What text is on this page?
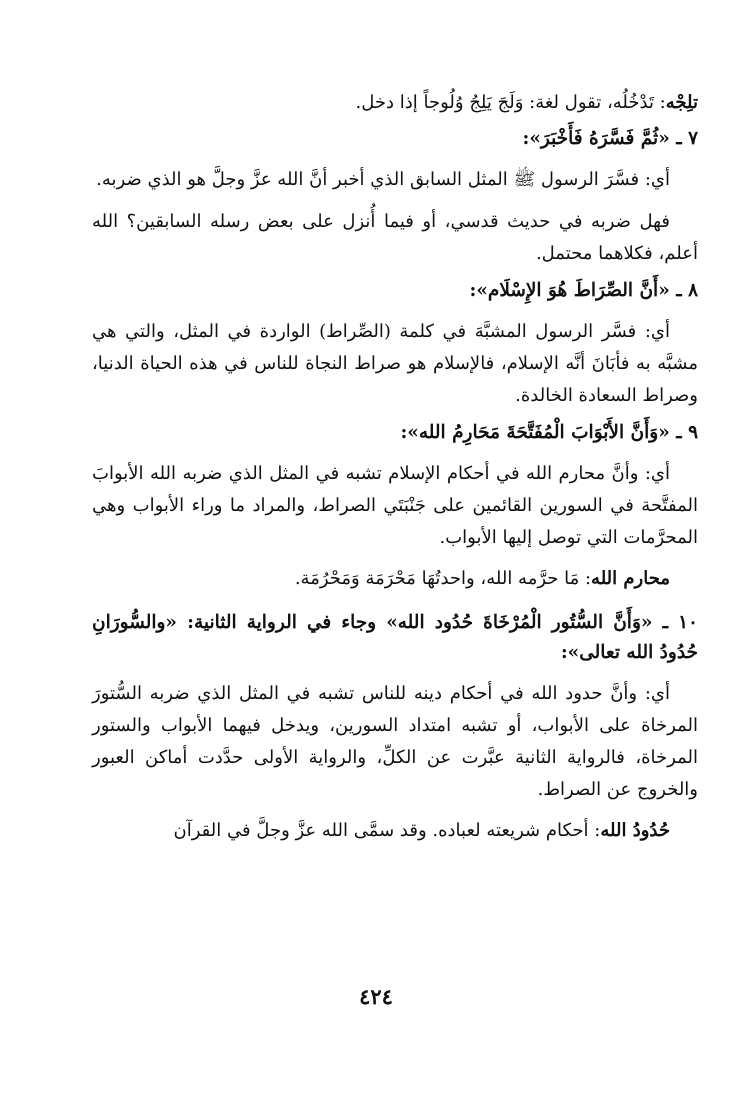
تلِجْه: تَدْخُلُه، تقول لغة: وَلَجَ يَلِجُ وُلُوجاً إذا دخل.

٧ ـ «ثُمَّ فَسَّرَهُ فَأَخْبَرَ»:

أي: فسَّرَ الرسول ﷺ المثل السابق الذي أخبر أنَّ الله عزَّ وجلَّ هو الذي ضربه.

فهل ضربه في حديث قدسي، أو فيما أُنزل على بعض رسله السابقين؟ الله أعلم، فكلاهما محتمل.

٨ ـ «أَنَّ الصِّرَاطَ هُوَ الإِسْلَام»:

أي: فسَّر الرسول المشبَّهَ في كلمة (الصِّراط) الواردة في المثل، والتي هي مشبَّه به فأبَانَ أنَّه الإسلام، فالإسلام هو صراط النجاة للناس في هذه الحياة الدنيا، وصراط السعادة الخالدة.

٩ ـ «وَأَنَّ الأَبْوَابَ الْمُفَتَّحَةَ مَحَارِمُ الله»:

أي: وأنَّ محارم الله في أحكام الإسلام تشبه في المثل الذي ضربه الله الأبوابَ المفتَّحة في السورين القائمين على جَنْبَتَي الصراط، والمراد ما وراء الأبواب وهي المحرَّمات التي توصل إليها الأبواب.

محارم الله: مَا حرَّمه الله، واحدتُهَا مَحْرَمَة وَمَحْرُمَة.

١٠ ـ «وَأَنَّ السُّتُور الْمُرْخَاةَ حُدُود الله» وجاء في الرواية الثانية: «والسُّورَانِ حُدُودُ الله تعالى»:

أي: وأنَّ حدود الله في أحكام دينه للناس تشبه في المثل الذي ضربه السُّتورَ المرخاة على الأبواب، أو تشبه امتداد السورين، ويدخل فيهما الأبواب والستور المرخاة، فالرواية الثانية عبَّرت عن الكلِّ، والرواية الأولى حدَّدت أماكن العبور والخروج عن الصراط.

حُدُودُ الله: أحكام شريعته لعباده. وقد سمَّى الله عزَّ وجلَّ في القرآن

٤٢٤
